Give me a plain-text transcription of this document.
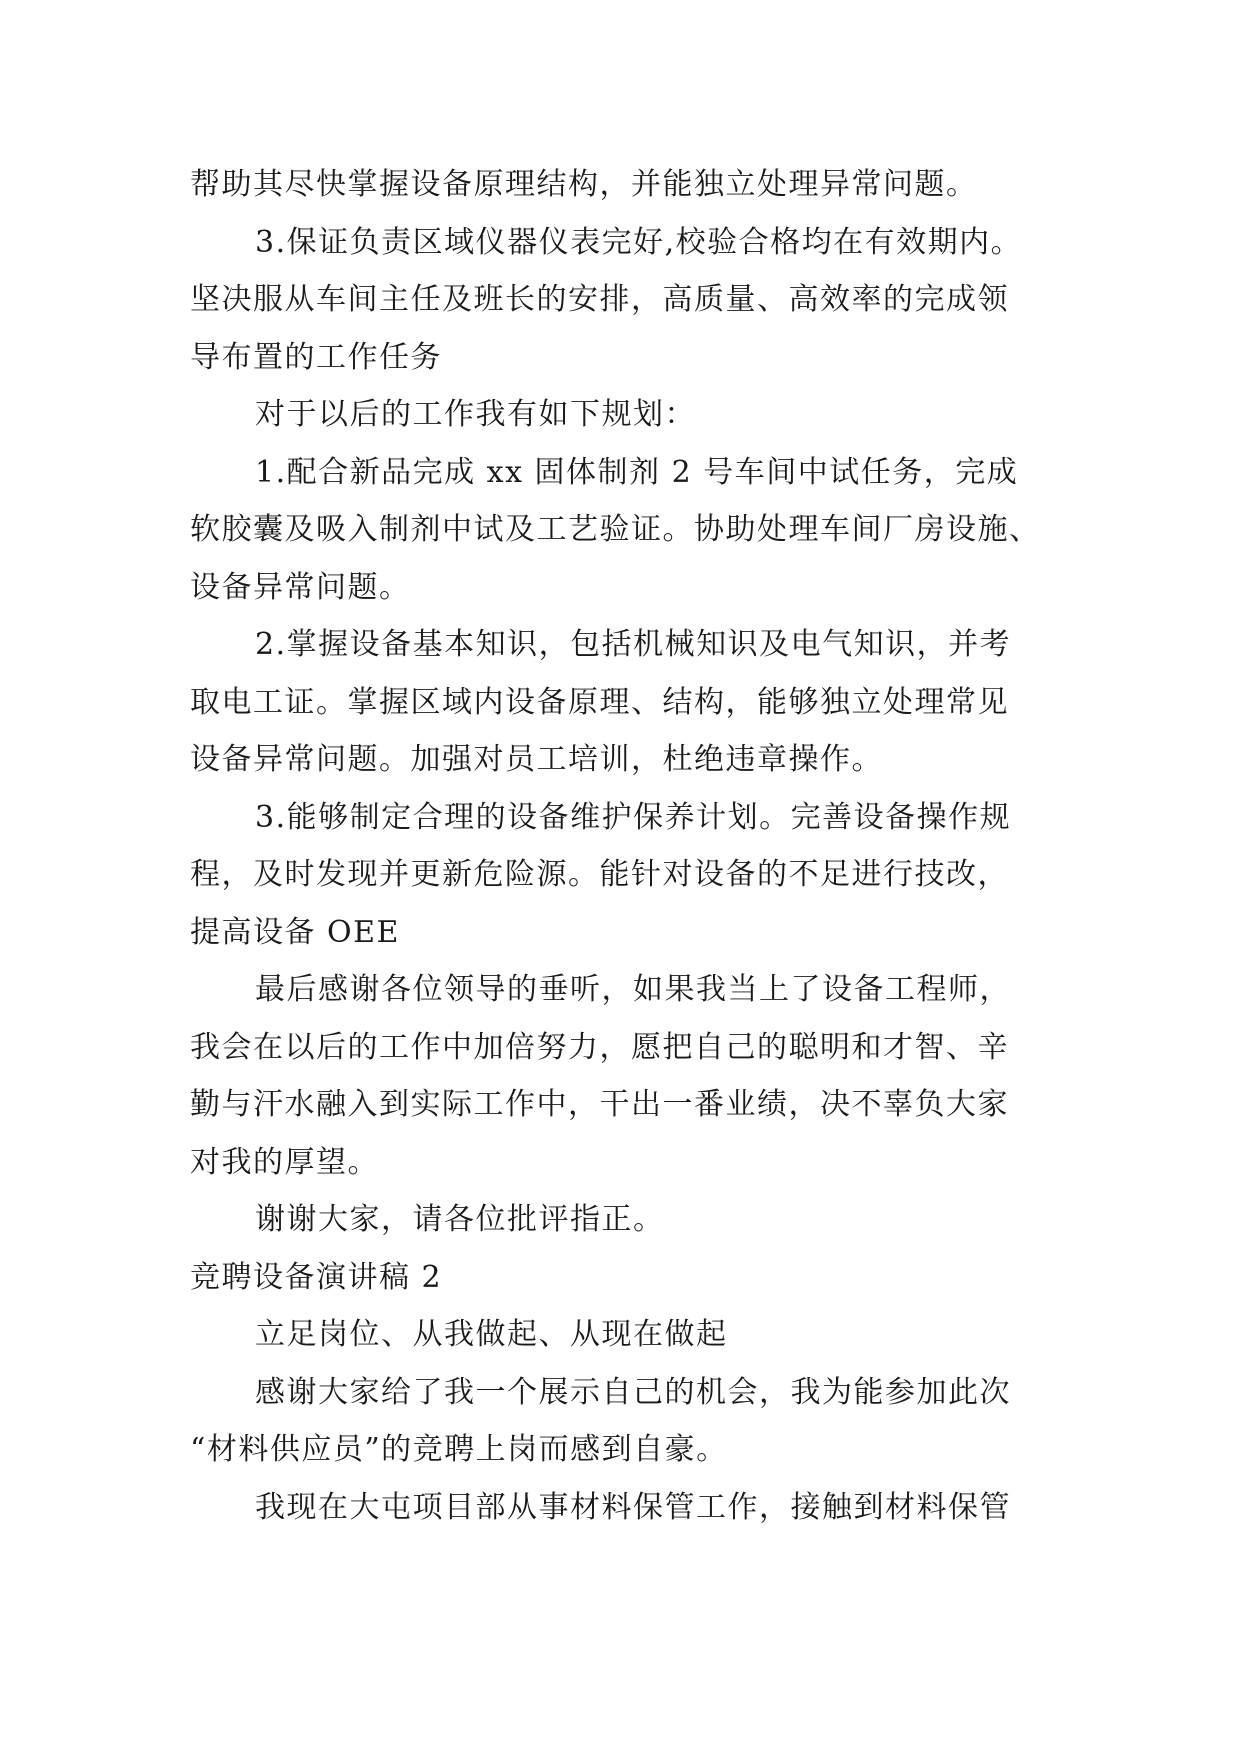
帮助其尽快掌握设备原理结构，并能独立处理异常问题。
3.保证负责区域仪器仪表完好,校验合格均在有效期内。
坚决服从车间主任及班长的安排，高质量、高效率的完成领
导布置的工作任务
对于以后的工作我有如下规划：
1.配合新品完成 xx 固体制剂 2 号车间中试任务，完成
软胶囊及吸入制剂中试及工艺验证。协助处理车间厂房设施、
设备异常问题。
2.掌握设备基本知识，包括机械知识及电气知识，并考
取电工证。掌握区域内设备原理、结构，能够独立处理常见
设备异常问题。加强对员工培训，杜绝违章操作。
3.能够制定合理的设备维护保养计划。完善设备操作规
程，及时发现并更新危险源。能针对设备的不足进行技改，
提高设备 OEE
最后感谢各位领导的垂听，如果我当上了设备工程师，
我会在以后的工作中加倍努力，愿把自己的聪明和才智、辛
勤与汗水融入到实际工作中，干出一番业绩，决不辜负大家
对我的厚望。
谢谢大家，请各位批评指正。
竞聘设备演讲稿 2
立足岗位、从我做起、从现在做起
感谢大家给了我一个展示自己的机会，我为能参加此次
“材料供应员”的竞聘上岗而感到自豪。
我现在大屯项目部从事材料保管工作，接触到材料保管
